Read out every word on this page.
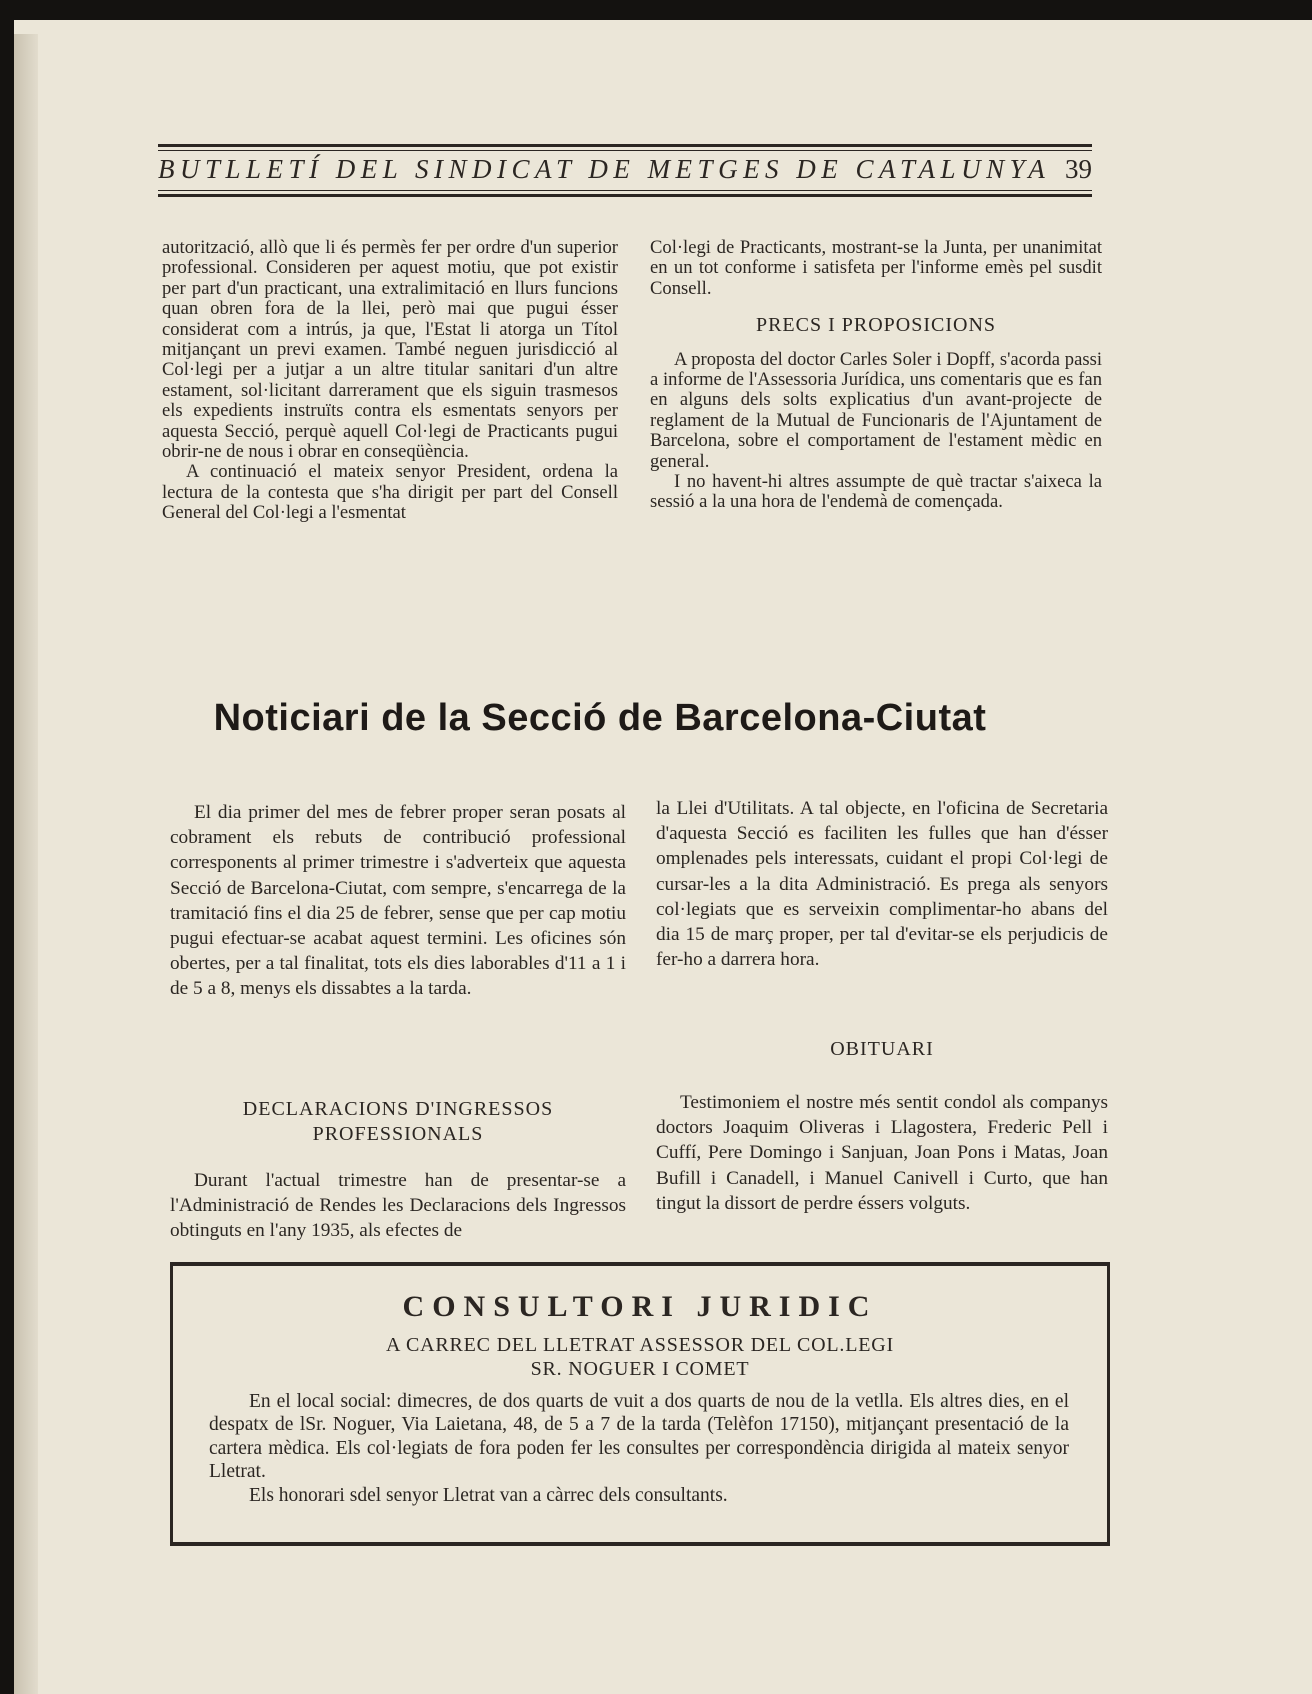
BUTLLETÍ DEL SINDICAT DE METGES DE CATALUNYA 39

autorització, allò que li és permès fer per ordre d'un superior professional. Consideren per aquest motiu, que pot existir per part d'un practicant, una extralimitació en llurs funcions quan obren fora de la llei, però mai que pugui ésser considerat com a intrús, ja que, l'Estat li atorga un Títol mitjançant un previ examen. També neguen jurisdicció al Col·legi per a jutjar a un altre titular sanitari d'un altre estament, sol·licitant darrerament que els siguin trasmesos els expedients instruïts contra els esmentats senyors per aquesta Secció, perquè aquell Col·legi de Practicants pugui obrir-ne de nous i obrar en conseqüència.

A continuació el mateix senyor President, ordena la lectura de la contesta que s'ha dirigit per part del Consell General del Col·legi a l'esmentat

Col·legi de Practicants, mostrant-se la Junta, per unanimitat en un tot conforme i satisfeta per l'informe emès pel susdit Consell.

PRECS I PROPOSICIONS

A proposta del doctor Carles Soler i Dopff, s'acorda passi a informe de l'Assessoria Jurídica, uns comentaris que es fan en alguns dels solts explicatius d'un avant-projecte de reglament de la Mutual de Funcionaris de l'Ajuntament de Barcelona, sobre el comportament de l'estament mèdic en general.

I no havent-hi altres assumpte de què tractar s'aixeca la sessió a la una hora de l'endemà de començada.

Noticiari de la Secció de Barcelona-Ciutat

El dia primer del mes de febrer proper seran posats al cobrament els rebuts de contribució professional corresponents al primer trimestre i s'adverteix que aquesta Secció de Barcelona-Ciutat, com sempre, s'encarrega de la tramitació fins el dia 25 de febrer, sense que per cap motiu pugui efectuar-se acabat aquest termini. Les oficines són obertes, per a tal finalitat, tots els dies laborables d'11 a 1 i de 5 a 8, menys els dissabtes a la tarda.

DECLARACIONS D'INGRESSOS
PROFESSIONALS

Durant l'actual trimestre han de presentar-se a l'Administració de Rendes les Declaracions dels Ingressos obtinguts en l'any 1935, als efectes de

la Llei d'Utilitats. A tal objecte, en l'oficina de Secretaria d'aquesta Secció es faciliten les fulles que han d'ésser omplenades pels interessats, cuidant el propi Col·legi de cursar-les a la dita Administració. Es prega als senyors col·legiats que es serveixin complimentar-ho abans del dia 15 de març proper, per tal d'evitar-se els perjudicis de fer-ho a darrera hora.

OBITUARI

Testimoniem el nostre més sentit condol als companys doctors Joaquim Oliveras i Llagostera, Frederic Pell i Cuffí, Pere Domingo i Sanjuan, Joan Pons i Matas, Joan Bufill i Canadell, i Manuel Canivell i Curto, que han tingut la dissort de perdre éssers volguts.

CONSULTORI JURIDIC
A CARREC DEL LLETRAT ASSESSOR DEL COL.LEGI
SR. NOGUER I COMET

En el local social: dimecres, de dos quarts de vuit a dos quarts de nou de la vetlla. Els altres dies, en el despatx de lSr. Noguer, Via Laietana, 48, de 5 a 7 de la tarda (Telèfon 17150), mitjançant presentació de la cartera mèdica. Els col·legiats de fora poden fer les consultes per correspondència dirigida al mateix senyor Lletrat.

Els honorari sdel senyor Lletrat van a càrrec dels consultants.
